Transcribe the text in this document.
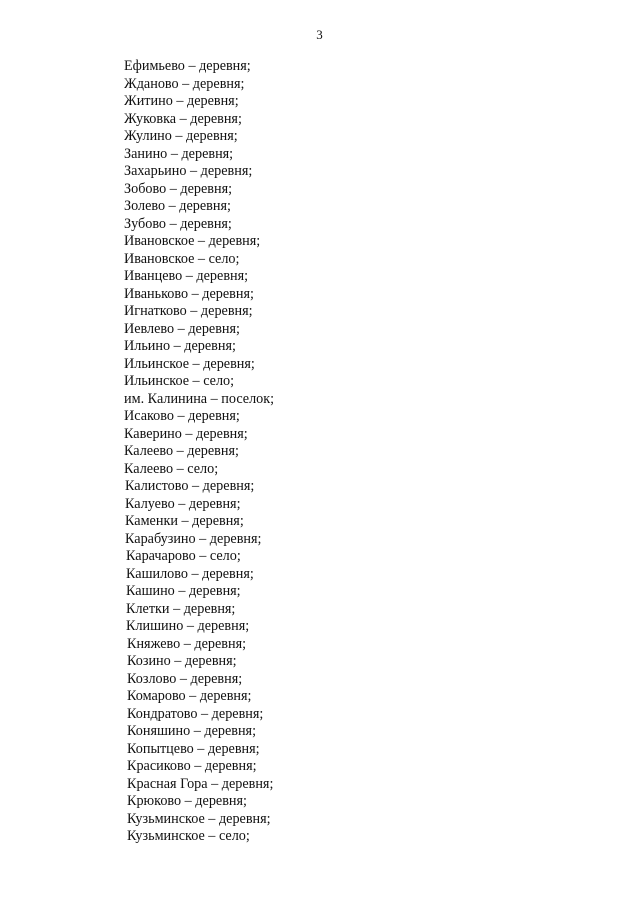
3
Ефимьево – деревня;
Жданово – деревня;
Житино – деревня;
Жуковка – деревня;
Жулино – деревня;
Занино – деревня;
Захарьино – деревня;
Зобово – деревня;
Золево – деревня;
Зубово – деревня;
Ивановское – деревня;
Ивановское – село;
Иванцево – деревня;
Иваньково – деревня;
Игнатково – деревня;
Иевлево – деревня;
Ильино – деревня;
Ильинское – деревня;
Ильинское – село;
им. Калинина – поселок;
Исаково – деревня;
Каверино – деревня;
Калеево – деревня;
Калеево – село;
Калистово – деревня;
Калуево – деревня;
Каменки – деревня;
Карабузино – деревня;
Карачарово – село;
Кашилово – деревня;
Кашино – деревня;
Клетки – деревня;
Клишино – деревня;
Княжево – деревня;
Козино – деревня;
Козлово – деревня;
Комарово – деревня;
Кондратово – деревня;
Коняшино – деревня;
Копытцево – деревня;
Красиково – деревня;
Красная Гора – деревня;
Крюково – деревня;
Кузьминское – деревня;
Кузьминское – село;
